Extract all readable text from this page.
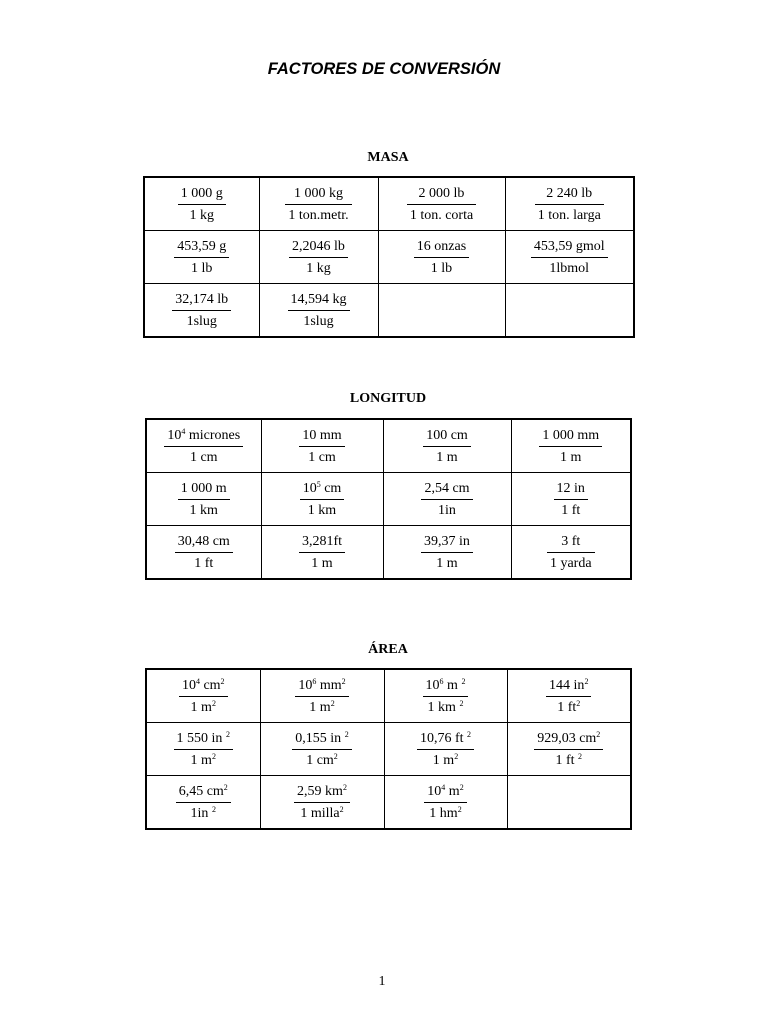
FACTORES DE CONVERSIÓN
MASA
$\frac{1 000 g}{1 kg}$	$\frac{1 000 kg}{\text{1 ton.metr.}}$	$\frac{2 000 lb}{\text{1 ton. corta}}$	$\frac{2 240 lb}{\text{1 ton. larga}}$

$\frac{453,59 g}{1 lb}$	$\frac{2,2046 lb}{1 kg}$	$\frac{\text{16 onzas}}{1 lb}$	$\frac{\text{453,59 gmol}}{\text{1lbmol}}$

$\frac{32,174 lb}{\text{1slug}}$	$\frac{14,594 kg}{\text{1slug}}$

LONGITUD
$\frac{10^4 micrones}{1 cm}$	$\frac{10 mm}{1 cm}$	$\frac{100 cm}{1 m}$	$\frac{1 000 mm}{1 m}$

$\frac{1 000 m}{1 km}$	$\frac{10^5 cm}{1 km}$	$\frac{2,54 cm}{1in}$	$\frac{12 in}{1 ft}$

$\frac{30,48 cm}{1 ft}$	$\frac{3,281ft}{1 m}$	$\frac{39,37 in}{1 m}$	$\frac{3 ft}{\text{1 yarda}}$
ÁREA
$\frac{10^4 cm^2}{1 m^2}$	$\frac{10^6 mm^2}{1 m^2}$	$\frac{10^6 m ^2}{1 km ^2}$	$\frac{144 in^2}{1 ft^2}$

$\frac{1 550 in ^2}{1 m^2}$	$\frac{0,155 in ^2}{1 cm^2}$	$\frac{10,76 ft ^2}{1 m^2}$	$\frac{929,03 cm^2}{1 ft ^2}$

$\frac{6,45 cm^2}{1in ^2}$	$\frac{2,59 km^2}{1 milla^2}$	$\frac{10^4 m^2}{1 hm^2}$

1
